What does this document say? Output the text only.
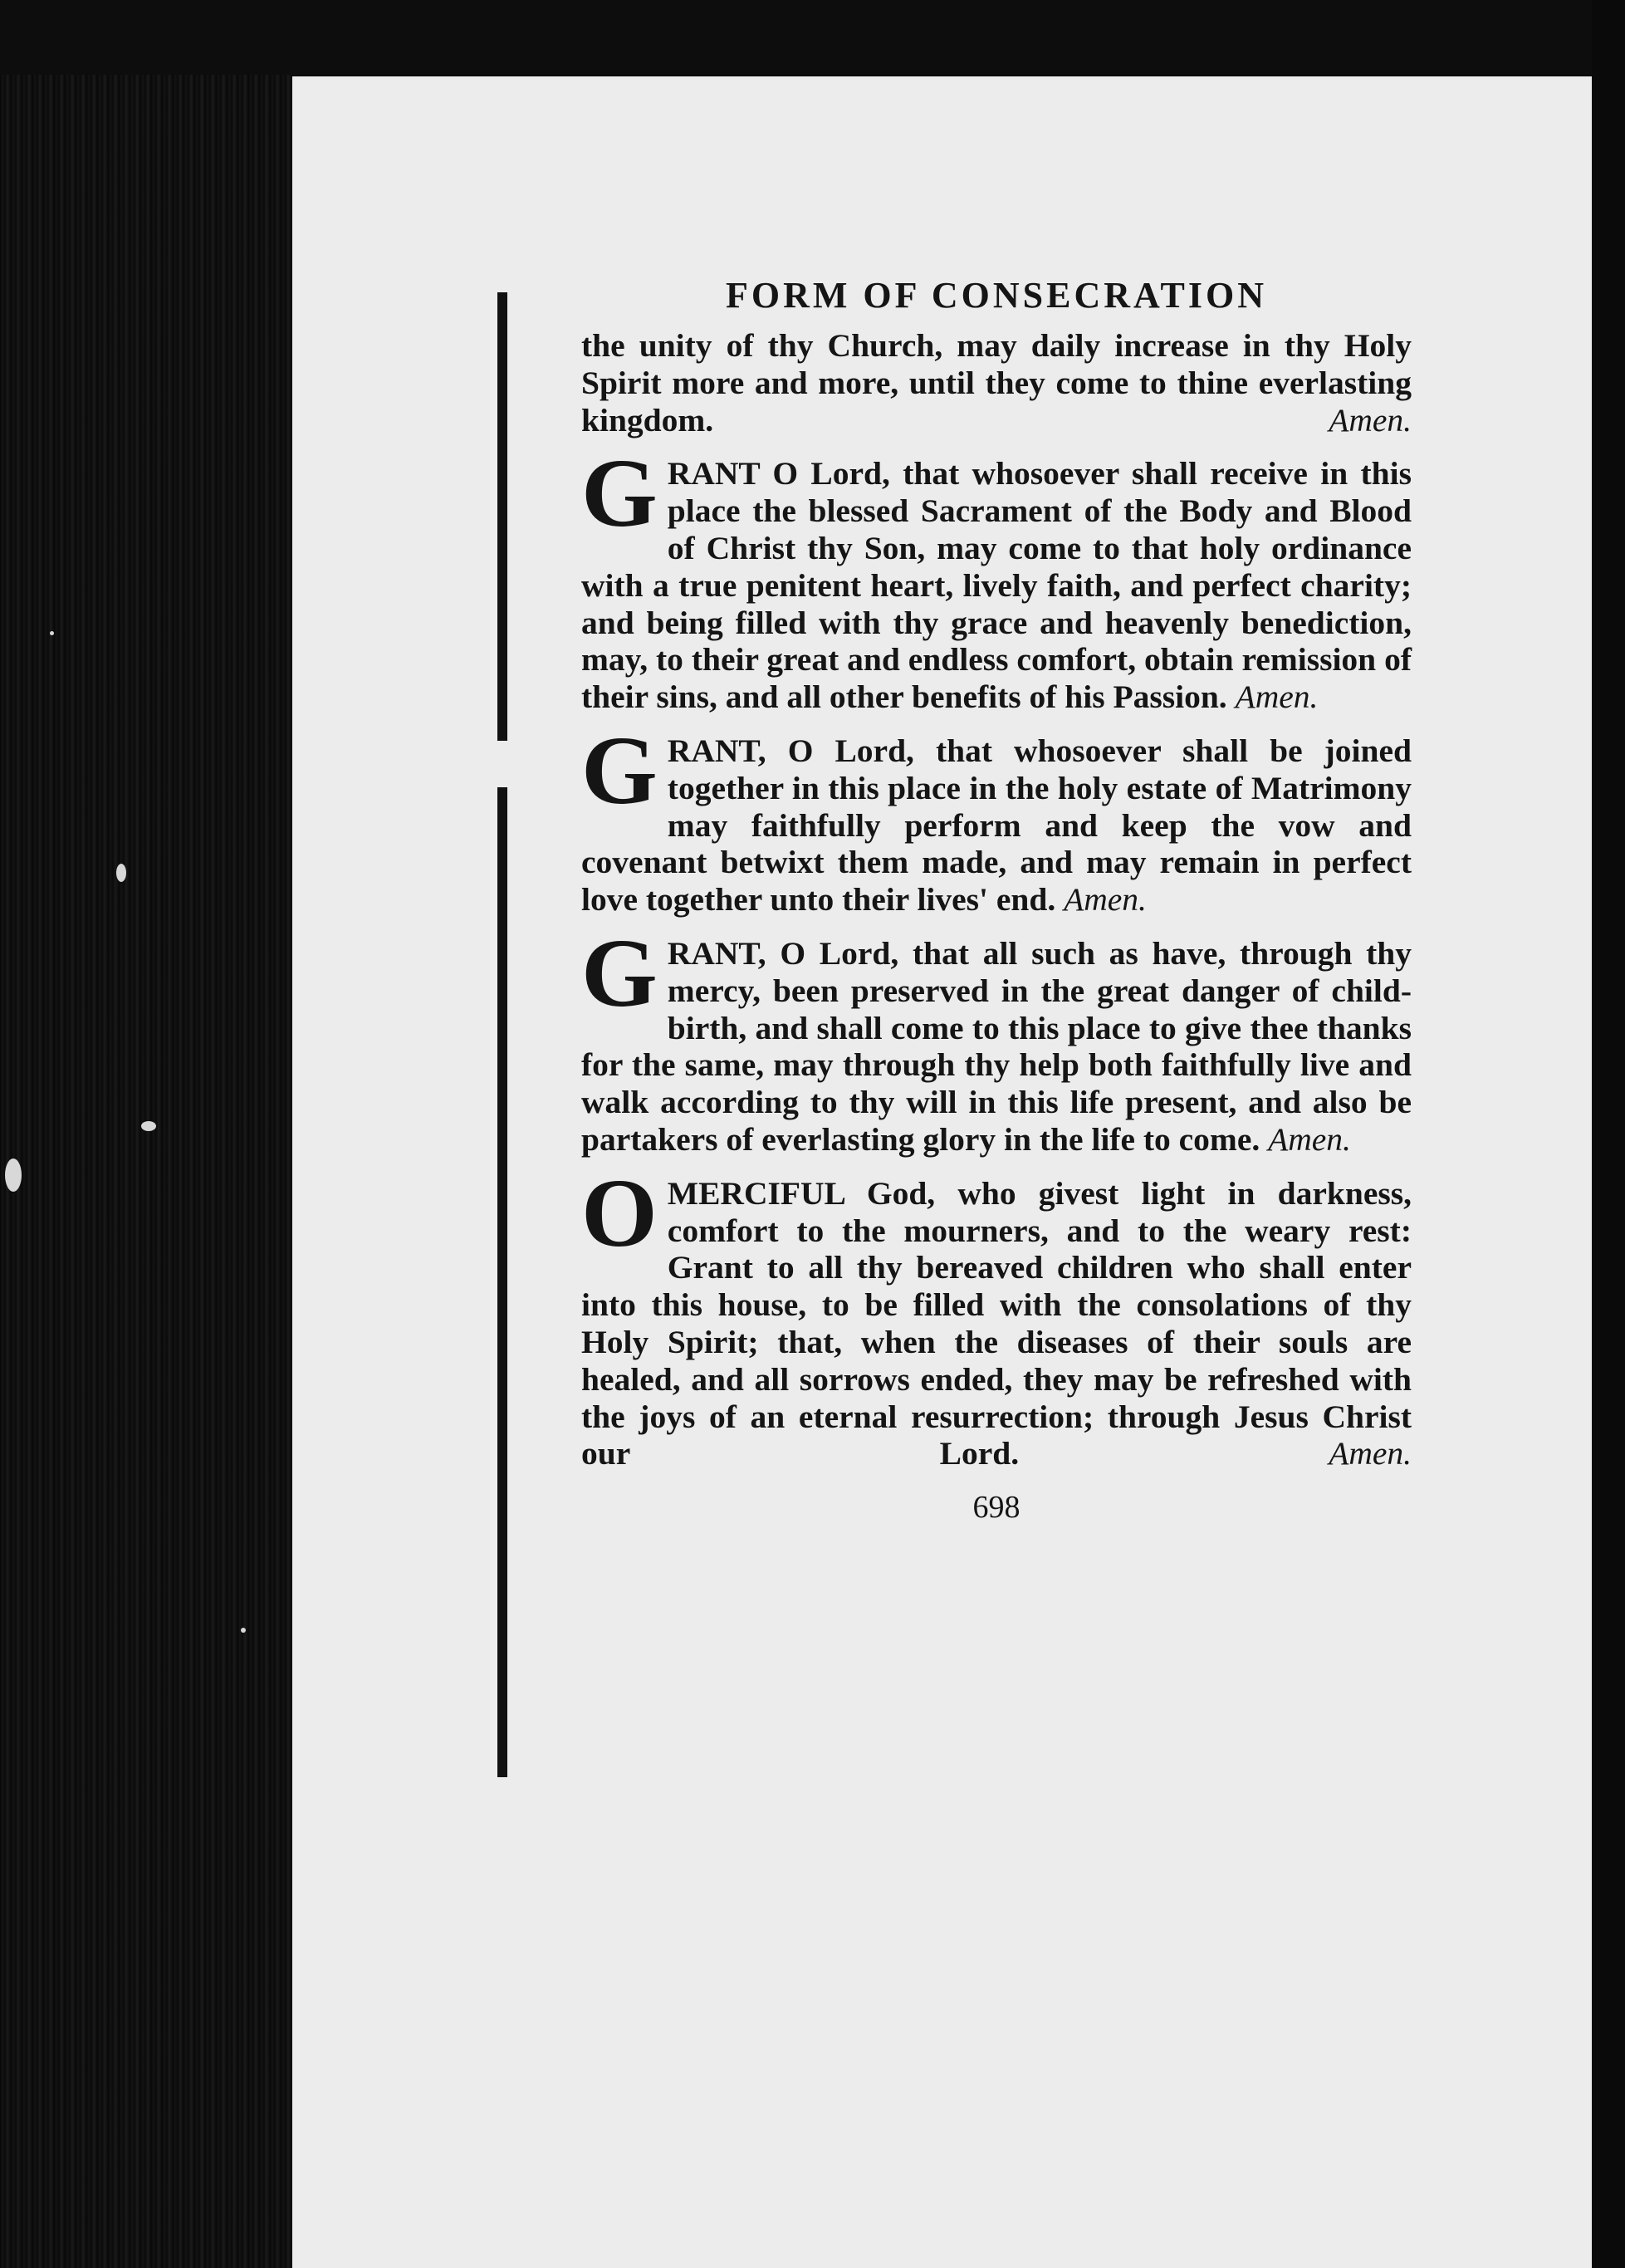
FORM OF CONSECRATION

the unity of thy Church, may daily increase in thy Holy Spirit more and more, until they come to thine everlasting kingdom.	Amen.

GRANT O Lord, that whosoever shall receive in this place the blessed Sacrament of the Body and Blood of Christ thy Son, may come to that holy ordinance with a true penitent heart, lively faith, and perfect charity; and being filled with thy grace and heavenly benediction, may, to their great and endless comfort, obtain remission of their sins, and all other benefits of his Passion. Amen.

GRANT, O Lord, that whosoever shall be joined together in this place in the holy estate of Matrimony may faithfully perform and keep the vow and covenant betwixt them made, and may remain in perfect love together unto their lives' end. Amen.

GRANT, O Lord, that all such as have, through thy mercy, been preserved in the great danger of child-birth, and shall come to this place to give thee thanks for the same, may through thy help both faithfully live and walk according to thy will in this life present, and also be partakers of everlasting glory in the life to come. Amen.

OMERCIFUL God, who givest light in darkness, comfort to the mourners, and to the weary rest: Grant to all thy bereaved children who shall enter into this house, to be filled with the consolations of thy Holy Spirit; that, when the diseases of their souls are healed, and all sorrows ended, they may be refreshed with the joys of an eternal resurrection; through Jesus Christ our Lord.	Amen.

698
